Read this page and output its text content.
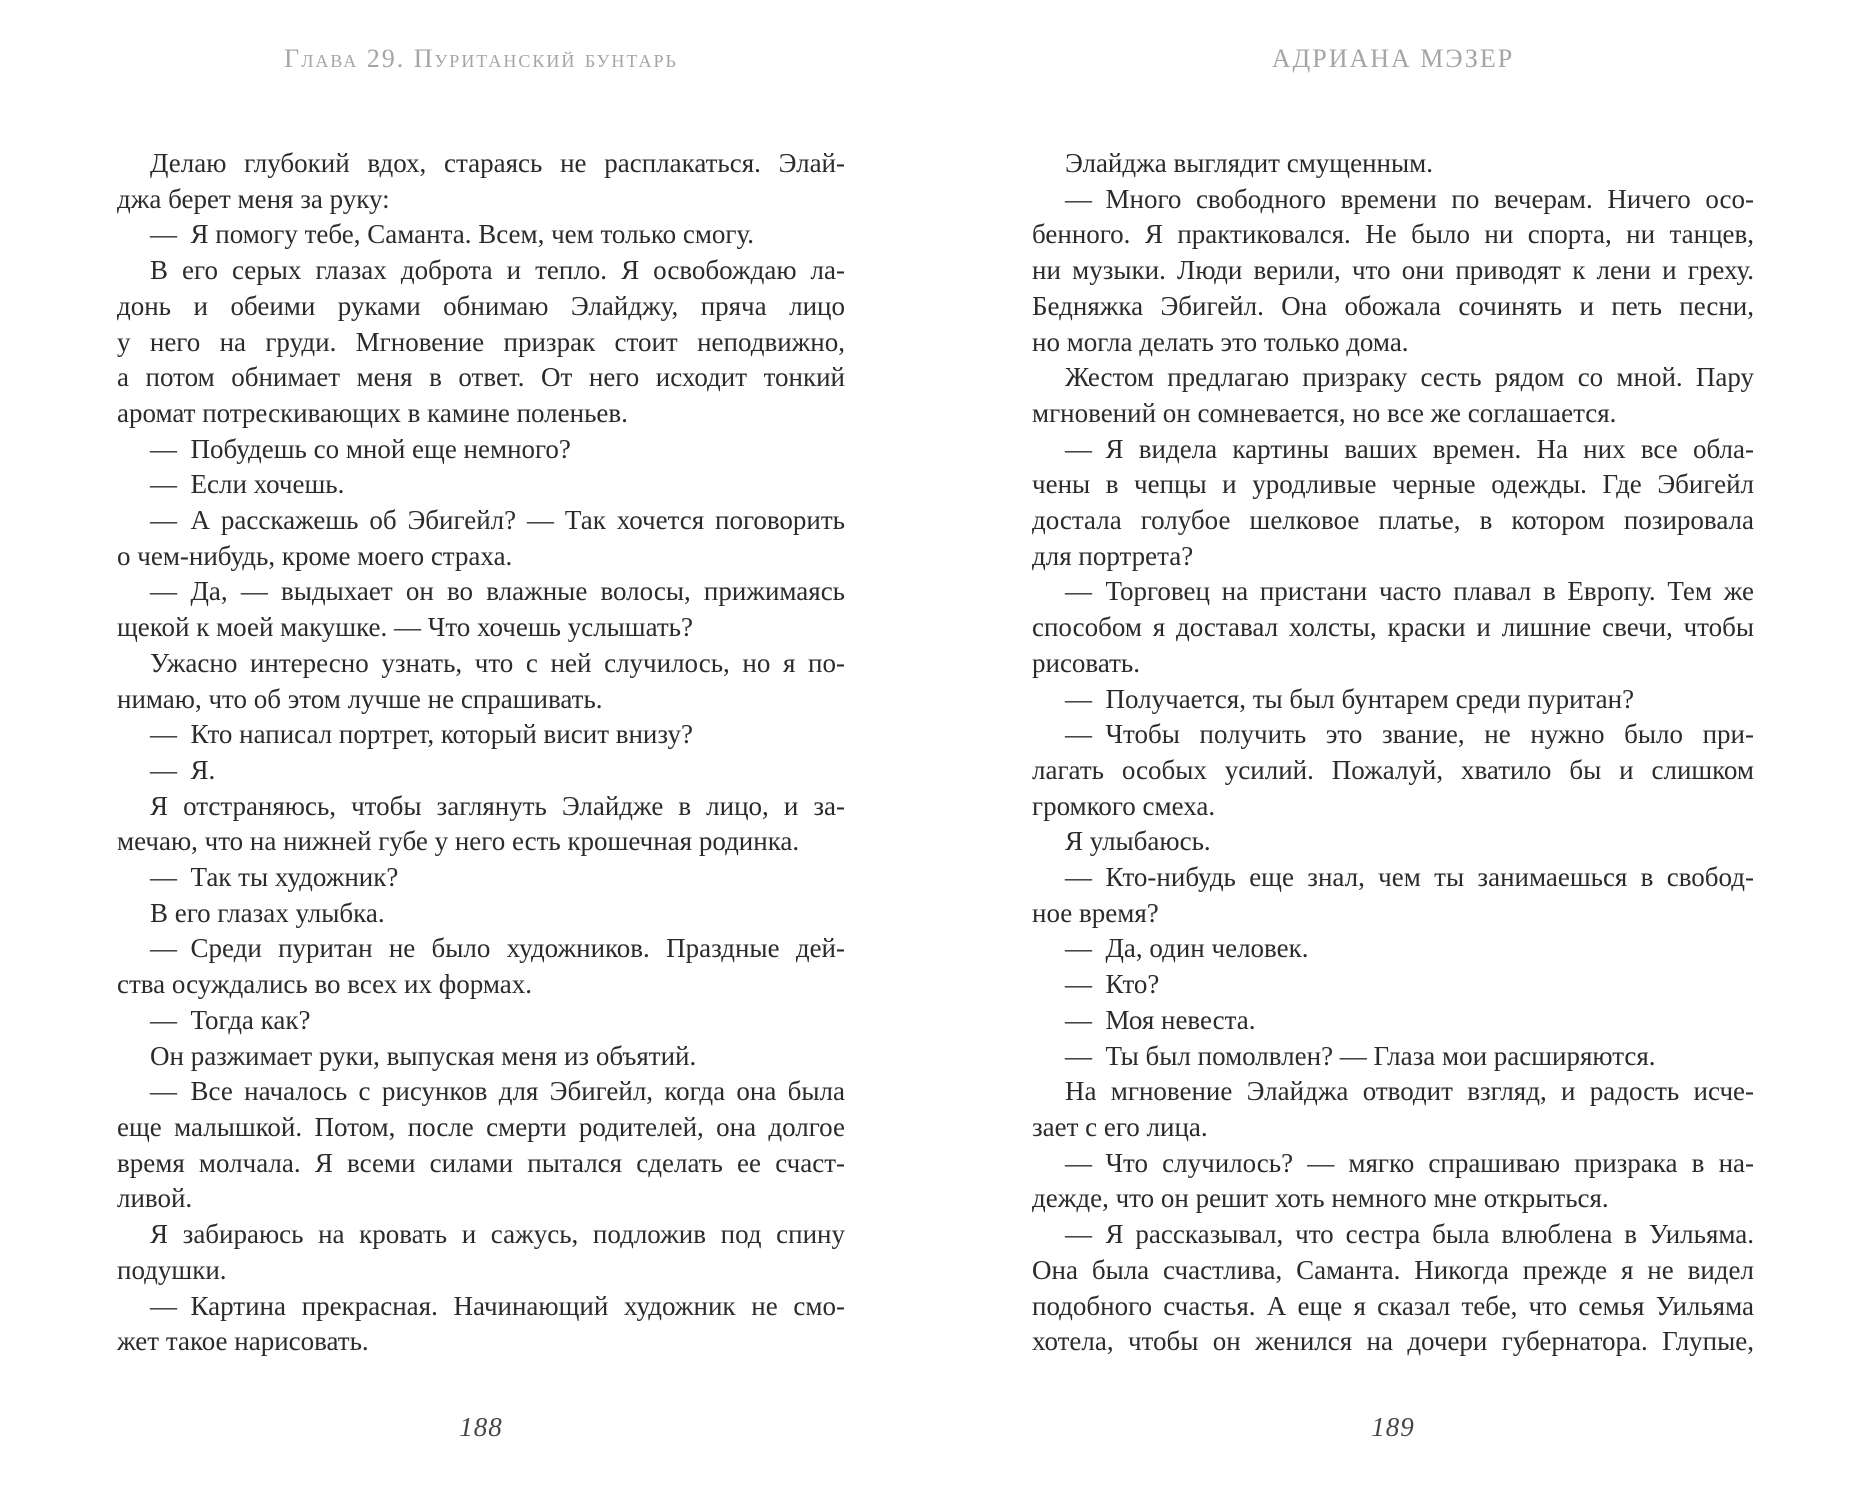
Глава 29. Пуританский бунтарь
Делаю глубокий вдох, стараясь не расплакаться. Элай-
джа берет меня за руку:
— Я помогу тебе, Саманта. Всем, чем только смогу.
В его серых глазах доброта и тепло. Я освобождаю ла-
донь и обеими руками обнимаю Элайджу, пряча лицо
у него на груди. Мгновение призрак стоит неподвижно,
а потом обнимает меня в ответ. От него исходит тонкий
аромат потрескивающих в камине поленьев.
— Побудешь со мной еще немного?
— Если хочешь.
— А расскажешь об Эбигейл? — Так хочется поговорить
о чем-нибудь, кроме моего страха.
— Да, — выдыхает он во влажные волосы, прижимаясь
щекой к моей макушке. — Что хочешь услышать?
Ужасно интересно узнать, что с ней случилось, но я по-
нимаю, что об этом лучше не спрашивать.
— Кто написал портрет, который висит внизу?
— Я.
Я отстраняюсь, чтобы заглянуть Элайдже в лицо, и за-
мечаю, что на нижней губе у него есть крошечная родинка.
— Так ты художник?
В его глазах улыбка.
— Среди пуритан не было художников. Праздные дей-
ства осуждались во всех их формах.
— Тогда как?
Он разжимает руки, выпуская меня из объятий.
— Все началось с рисунков для Эбигейл, когда она была
еще малышкой. Потом, после смерти родителей, она долгое
время молчала. Я всеми силами пытался сделать ее счаст-
ливой.
Я забираюсь на кровать и сажусь, подложив под спину
подушки.
— Картина прекрасная. Начинающий художник не смо-
жет такое нарисовать.
188
АДРИАНА МЭЗЕР
Элайджа выглядит смущенным.
— Много свободного времени по вечерам. Ничего осо-
бенного. Я практиковался. Не было ни спорта, ни танцев,
ни музыки. Люди верили, что они приводят к лени и греху.
Бедняжка Эбигейл. Она обожала сочинять и петь песни,
но могла делать это только дома.
Жестом предлагаю призраку сесть рядом со мной. Пару
мгновений он сомневается, но все же соглашается.
— Я видела картины ваших времен. На них все обла-
чены в чепцы и уродливые черные одежды. Где Эбигейл
достала голубое шелковое платье, в котором позировала
для портрета?
— Торговец на пристани часто плавал в Европу. Тем же
способом я доставал холсты, краски и лишние свечи, чтобы
рисовать.
— Получается, ты был бунтарем среди пуритан?
— Чтобы получить это звание, не нужно было при-
лагать особых усилий. Пожалуй, хватило бы и слишком
громкого смеха.
Я улыбаюсь.
— Кто-нибудь еще знал, чем ты занимаешься в свобод-
ное время?
— Да, один человек.
— Кто?
— Моя невеста.
— Ты был помолвлен? — Глаза мои расширяются.
На мгновение Элайджа отводит взгляд, и радость исче-
зает с его лица.
— Что случилось? — мягко спрашиваю призрака в на-
дежде, что он решит хоть немного мне открыться.
— Я рассказывал, что сестра была влюблена в Уильяма.
Она была счастлива, Саманта. Никогда прежде я не видел
подобного счастья. А еще я сказал тебе, что семья Уильяма
хотела, чтобы он женился на дочери губернатора. Глупые,
189
